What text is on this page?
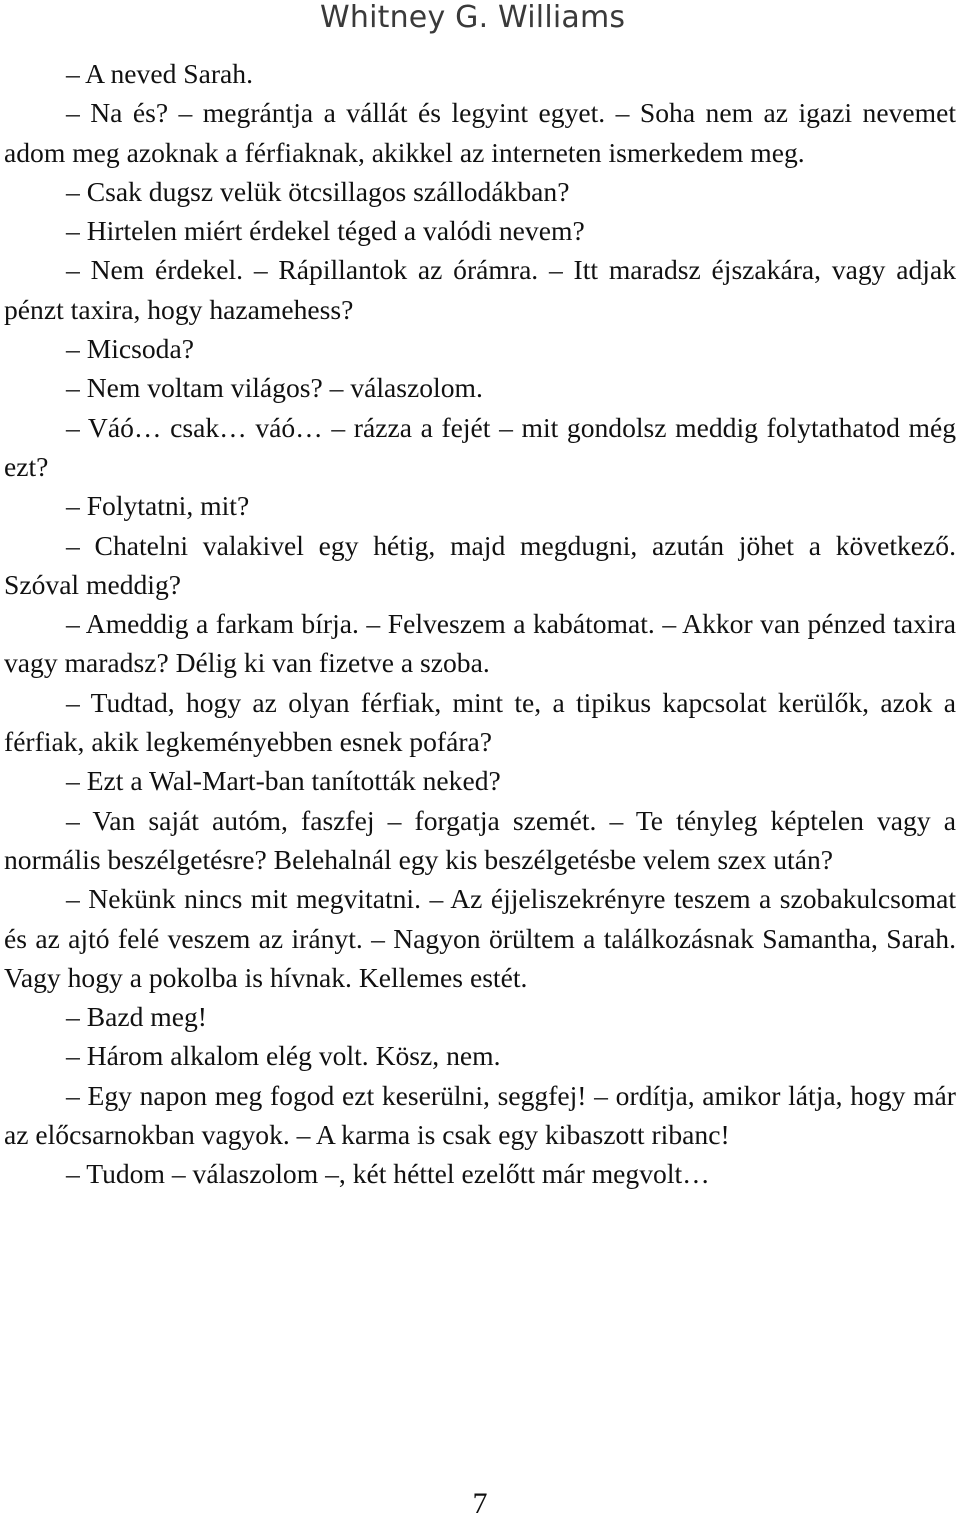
Whitney G. Williams

– A neved Sarah.

– Na és? – megrántja a vállát és legyint egyet. – Soha nem az igazi nevemet adom meg azoknak a férfiaknak, akikkel az interneten ismerkedem meg.

– Csak dugsz velük ötcsillagos szállodákban?

– Hirtelen miért érdekel téged a valódi nevem?

– Nem érdekel. – Rápillantok az órámra. – Itt maradsz éjszakára, vagy adjak pénzt taxira, hogy hazamehess?

– Micsoda?

– Nem voltam világos? – válaszolom.

– Váó… csak… váó… – rázza a fejét – mit gondolsz meddig folytathatod még ezt?

– Folytatni, mit?

– Chatelni valakivel egy hétig, majd megdugni, azután jöhet a következő. Szóval meddig?

– Ameddig a farkam bírja. – Felveszem a kabátomat. – Akkor van pénzed taxira vagy maradsz? Délig ki van fizetve a szoba.

– Tudtad, hogy az olyan férfiak, mint te, a tipikus kapcsolat kerülők, azok a férfiak, akik legkeményebben esnek pofára?

– Ezt a Wal-Mart-ban tanították neked?

– Van saját autóm, faszfej – forgatja szemét. – Te tényleg képtelen vagy a normális beszélgetésre? Belehalnál egy kis beszélgetésbe velem szex után?

– Nekünk nincs mit megvitatni. – Az éjjeliszekrényre teszem a szobakulcsomat és az ajtó felé veszem az irányt. – Nagyon örültem a találkozásnak Samantha, Sarah. Vagy hogy a pokolba is hívnak. Kellemes estét.

– Bazd meg!

– Három alkalom elég volt. Kösz, nem.

– Egy napon meg fogod ezt keserülni, seggfej! – ordítja, amikor látja, hogy már az előcsarnokban vagyok. – A karma is csak egy kibaszott ribanc!

– Tudom – válaszolom –, két héttel ezelőtt már megvolt…

7
